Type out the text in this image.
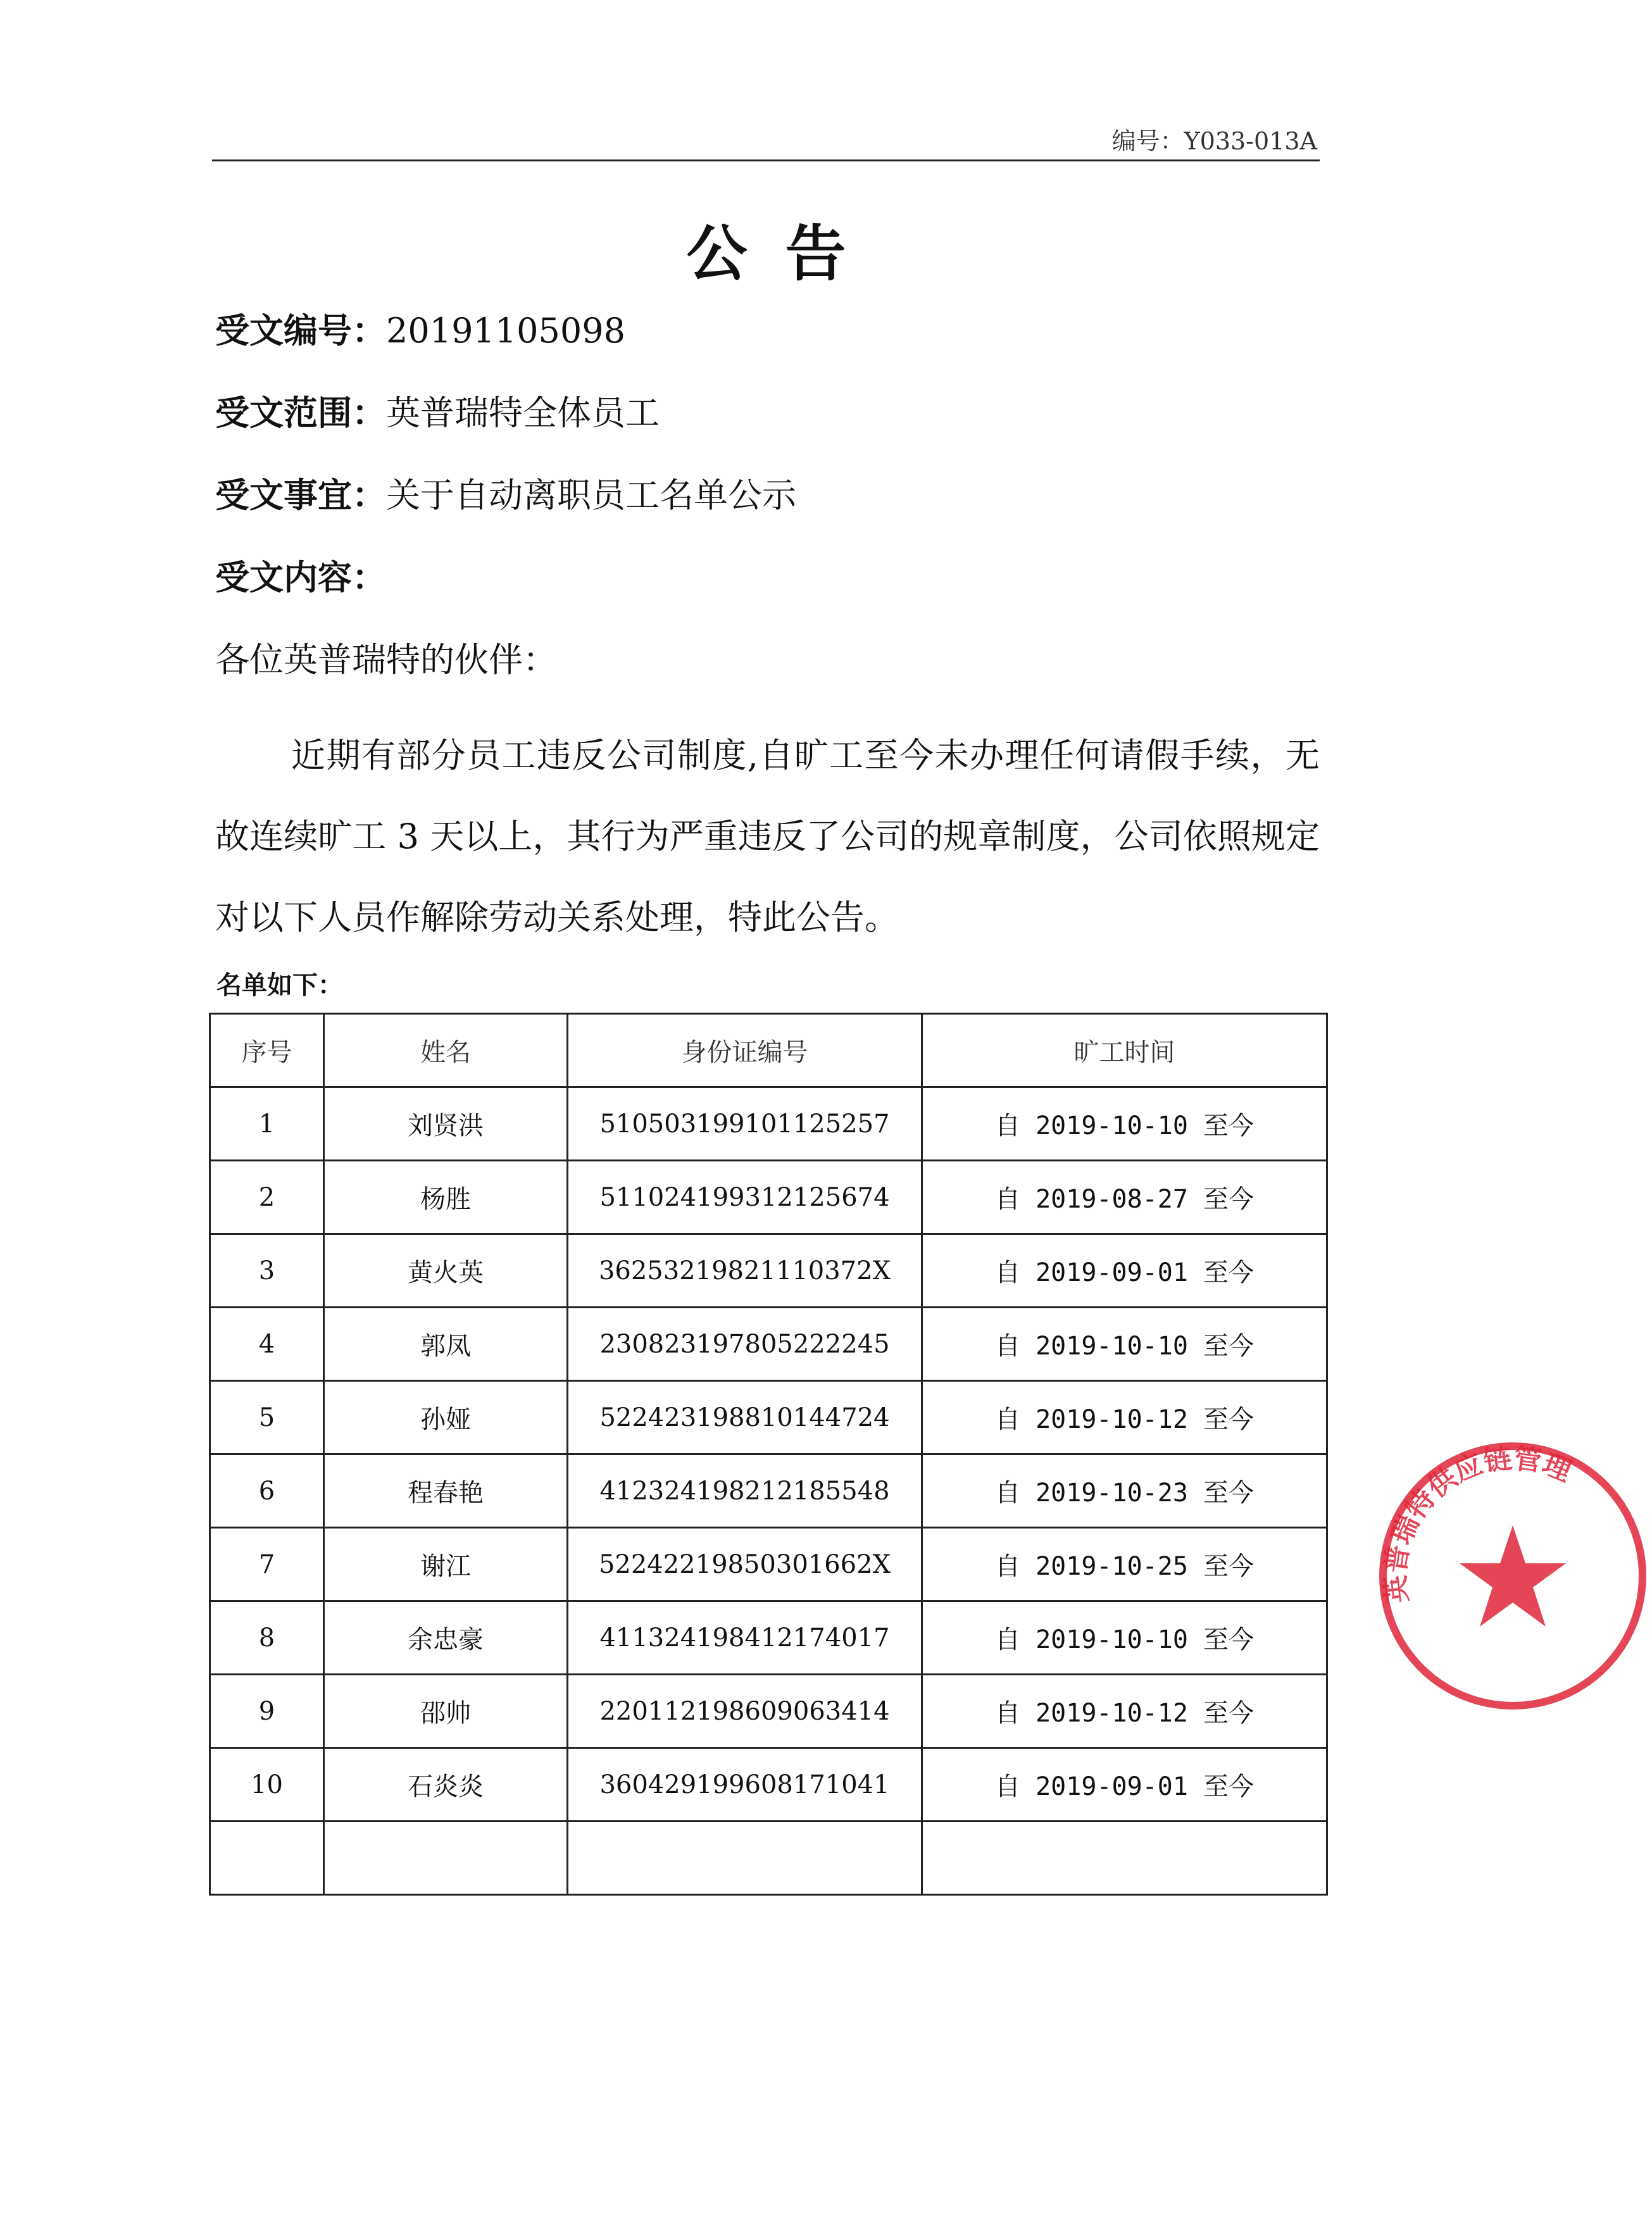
编号：Y033-013A
公告
受文编号：20191105098
受文范围：英普瑞特全体员工
受文事宜：关于自动离职员工名单公示
受文内容：
各位英普瑞特的伙伴：
近期有部分员工违反公司制度,自旷工至今未办理任何请假手续，无故连续旷工 3 天以上，其行为严重违反了公司的规章制度，公司依照规定对以下人员作解除劳动关系处理，特此公告。
名单如下：
序号	姓名	身份证编号	旷工时间
1	刘贤洪	510503199101125257	自 2019-10-10 至今
2	杨胜	511024199312125674	自 2019-08-27 至今
3	黄火英	36253219821110372X	自 2019-09-01 至今
4	郭凤	230823197805222245	自 2019-10-10 至今
5	孙娅	522423198810144724	自 2019-10-12 至今
6	程春艳	412324198212185548	自 2019-10-23 至今
7	谢江	52242219850301662X	自 2019-10-25 至今
8	余忠豪	411324198412174017	自 2019-10-10 至今
9	邵帅	220112198609063414	自 2019-10-12 至今
10	石炎炎	360429199608171041	自 2019-09-01 至今

英普瑞特供应链管理
